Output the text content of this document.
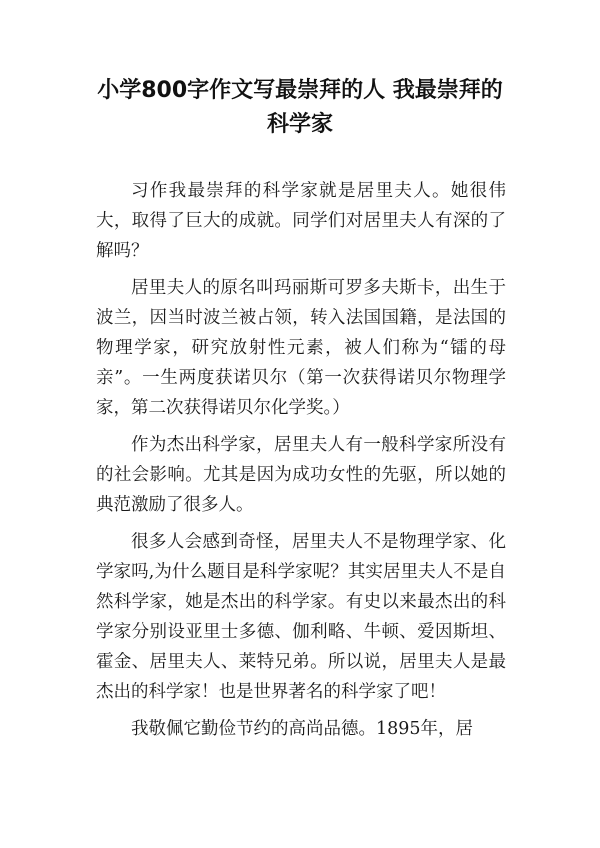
小学800字作文写最崇拜的人 我最崇拜的科学家

习作我最崇拜的科学家就是居里夫人。她很伟大，取得了巨大的成就。同学们对居里夫人有深的了解吗？

居里夫人的原名叫玛丽斯可罗多夫斯卡，出生于波兰，因当时波兰被占领，转入法国国籍，是法国的物理学家，研究放射性元素，被人们称为“镭的母亲”。一生两度获诺贝尔（第一次获得诺贝尔物理学家，第二次获得诺贝尔化学奖。）

作为杰出科学家，居里夫人有一般科学家所没有的社会影响。尤其是因为成功女性的先驱，所以她的典范激励了很多人。

很多人会感到奇怪，居里夫人不是物理学家、化学家吗,为什么题目是科学家呢？其实居里夫人不是自然科学家，她是杰出的科学家。有史以来最杰出的科学家分别设亚里士多德、伽利略、牛顿、爱因斯坦、霍金、居里夫人、莱特兄弟。所以说，居里夫人是最杰出的科学家！也是世界著名的科学家了吧！

我敬佩它勤俭节约的高尚品德。1895年，居
